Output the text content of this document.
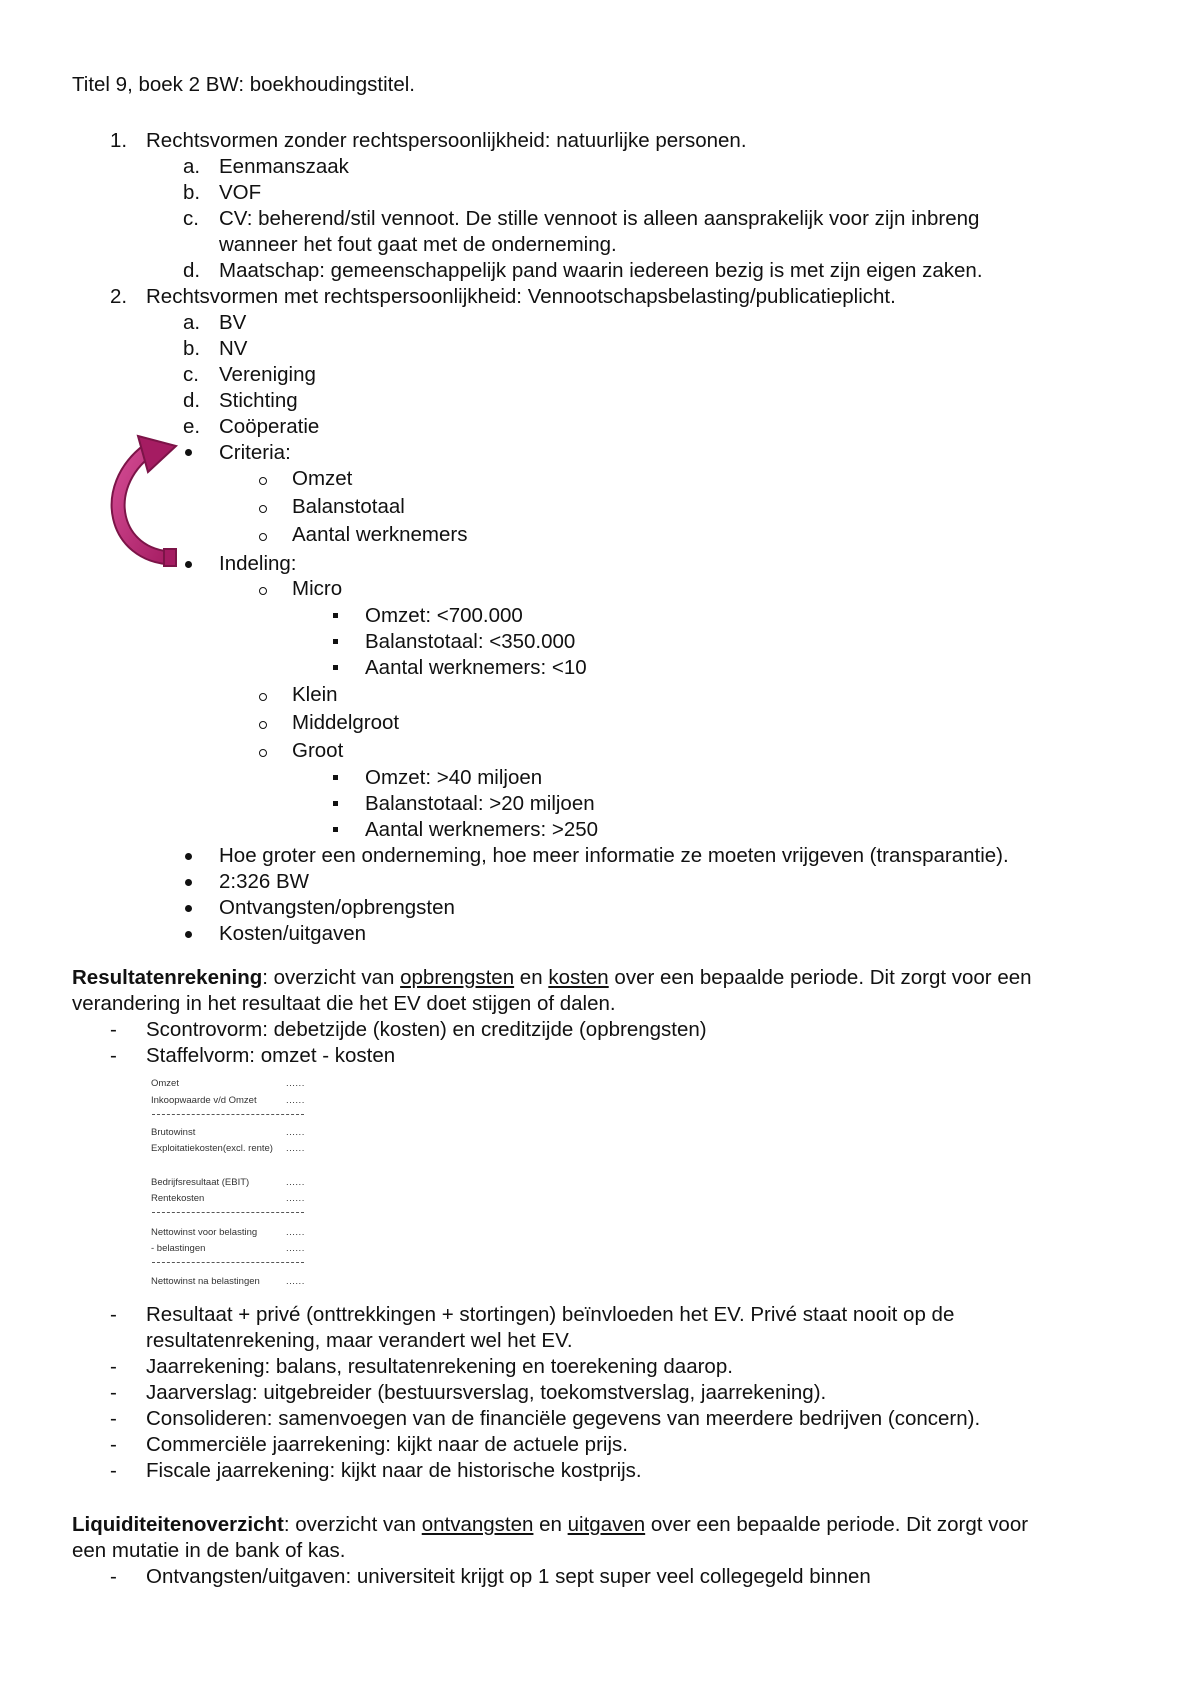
Titel 9, boek 2 BW: boekhoudingstitel.
1. Rechtsvormen zonder rechtspersoonlijkheid: natuurlijke personen.
a. Eenmanszaak
b. VOF
c. CV: beherend/stil vennoot. De stille vennoot is alleen aansprakelijk voor zijn inbreng
wanneer het fout gaat met de onderneming.
d. Maatschap: gemeenschappelijk pand waarin iedereen bezig is met zijn eigen zaken.
2. Rechtsvormen met rechtspersoonlijkheid: Vennootschapsbelasting/publicatieplicht.
a. BV
b. NV
c. Vereniging
d. Stichting
e. Coöperatie
Criteria:
Omzet
Balanstotaal
Aantal werknemers
Indeling:
Micro
Omzet: <700.000
Balanstotaal: <350.000
Aantal werknemers: <10
Klein
Middelgroot
Groot
Omzet: >40 miljoen
Balanstotaal: >20 miljoen
Aantal werknemers: >250
Hoe groter een onderneming, hoe meer informatie ze moeten vrijgeven (transparantie).
2:326 BW
Ontvangsten/opbrengsten
Kosten/uitgaven
Resultatenrekening: overzicht van opbrengsten en kosten over een bepaalde periode. Dit zorgt voor een
verandering in het resultaat die het EV doet stijgen of dalen.
- Scontrovorm: debetzijde (kosten) en creditzijde (opbrengsten)
- Staffelvorm: omzet - kosten
Omzet	......
Inkoopwaarde v/d Omzet	......
Brutowinst	......
Exploitatiekosten(excl. rente) ......
Bedrijfsresultaat (EBIT)	......
Rentekosten	......
Nettowinst voor belasting	......
- belastingen	......
Nettowinst na belastingen	......
- Resultaat + privé (onttrekkingen + stortingen) beïnvloeden het EV. Privé staat nooit op de
resultatenrekening, maar verandert wel het EV.
- Jaarrekening: balans, resultatenrekening en toerekening daarop.
- Jaarverslag: uitgebreider (bestuursverslag, toekomstverslag, jaarrekening).
- Consolideren: samenvoegen van de financiële gegevens van meerdere bedrijven (concern).
- Commerciële jaarrekening: kijkt naar de actuele prijs.
- Fiscale jaarrekening: kijkt naar de historische kostprijs.
Liquiditeitenoverzicht: overzicht van ontvangsten en uitgaven over een bepaalde periode. Dit zorgt voor
een mutatie in de bank of kas.
- Ontvangsten/uitgaven: universiteit krijgt op 1 sept super veel collegegeld binnen
